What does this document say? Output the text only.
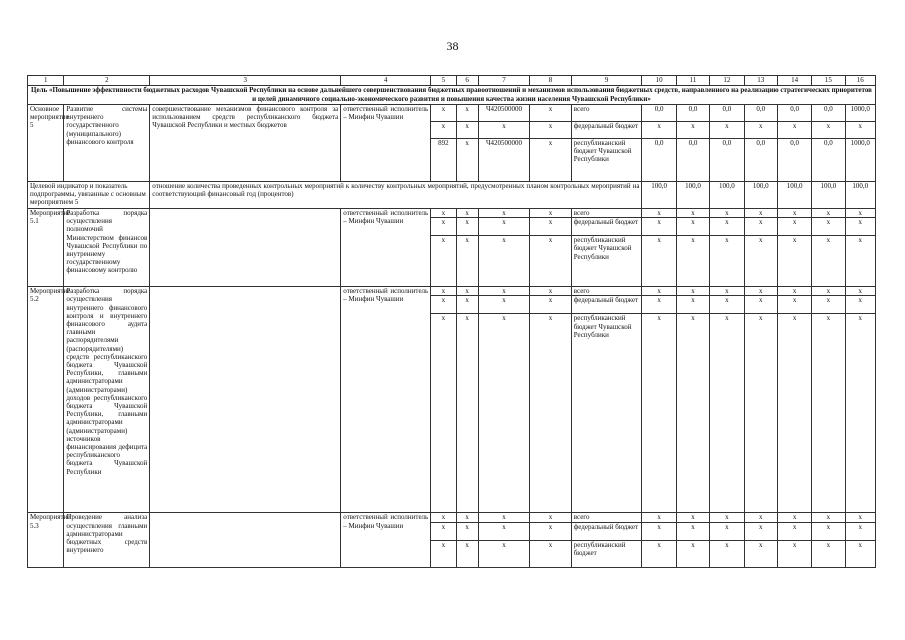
38
1	2	3	4	5	6	7	8	9	10	11	12	13	14	15	16
Цель «Повышение эффективности бюджетных расходов Чувашской Республики на основе дальнейшего совершенствования бюджетных правоотношений и механизмов использования бюджетных средств, направленного на реализацию стратегических приоритетов и целей динамичного социально-экономического развития и повышения качества жизни населения Чувашской Республики»															
Основное мероприятие 5	Развитие системы внутреннего государственного (муниципального) финансового контроля	совершенствование механизмов финансового контроля за использованием средств республиканского бюджета Чувашской Республики и местных бюджетов	ответственный исполнитель – Минфин Чувашии	x	x	Ч420500000	x	всего	0,0	0,0	0,0	0,0	0,0	0,0	1000,0
				x	x	x	x	федеральный бюджет	x	x	x	x	x	x	x
				892	x	Ч420500000	x	республиканский бюджет Чувашской Республики	0,0	0,0	0,0	0,0	0,0	0,0	1000,0
Целевой индикатор и показатель подпрограммы, увязанные с основным мероприятием 5		отношение количества проведенных контрольных мероприятий к количеству контрольных мероприятий, предусмотренных планом контрольных мероприятий на соответствующий финансовый год (процентов)							100,0	100,0	100,0	100,0	100,0	100,0	100,0
Мероприятие 5.1	Разработка порядка осуществления полномочий Министерством финансов Чувашской Республики по внутреннему государственному финансовому контролю		ответственный исполнитель – Минфин Чувашии	x	x	x	x	всего	x	x	x	x	x	x	x
				x	x	x	x	федеральный бюджет	x	x	x	x	x	x	x
				x	x	x	x	республиканский бюджет Чувашской Республики	x	x	x	x	x	x	x
Мероприятие 5.2	Разработка порядка осуществления внутреннего финансового контроля и внутреннего финансового аудита главными распорядителями (распорядителями) средств республиканского бюджета Чувашской Республики, главными администраторами (администраторами) доходов республиканского бюджета Чувашской Республики, главными администраторами (администраторами) источников финансирования дефицита республиканского бюджета Чувашской Республики		ответственный исполнитель – Минфин Чувашии	x	x	x	x	всего	x	x	x	x	x	x	x
				x	x	x	x	федеральный бюджет	x	x	x	x	x	x	x
				x	x	x	x	республиканский бюджет Чувашской Республики	x	x	x	x	x	x	x
Мероприятие 5.3	Проведение анализа осуществления главными администраторами бюджетных средств внутреннего		ответственный исполнитель – Минфин Чувашии	x	x	x	x	всего	x	x	x	x	x	x	x
				x	x	x	x	федеральный бюджет	x	x	x	x	x	x	x
				x	x	x	x	республиканский бюджет	x	x	x	x	x	x	x
